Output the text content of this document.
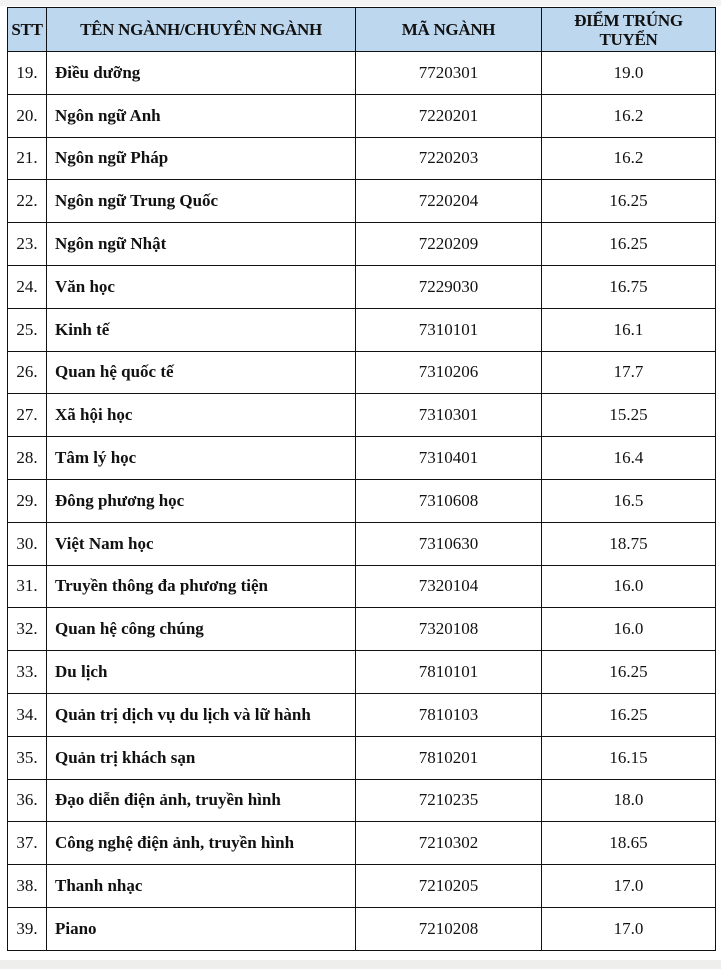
STT	TÊN NGÀNH/CHUYÊN NGÀNH	MÃ NGÀNH	ĐIỂM TRÚNG
TUYỂN
19.	Điều dưỡng	7720301	19.0
20.	Ngôn ngữ Anh	7220201	16.2
21.	Ngôn ngữ Pháp	7220203	16.2
22.	Ngôn ngữ Trung Quốc	7220204	16.25
23.	Ngôn ngữ Nhật	7220209	16.25
24.	Văn học	7229030	16.75
25.	Kinh tế	7310101	16.1
26.	Quan hệ quốc tế	7310206	17.7
27.	Xã hội học	7310301	15.25
28.	Tâm lý học	7310401	16.4
29.	Đông phương học	7310608	16.5
30.	Việt Nam học	7310630	18.75
31.	Truyền thông đa phương tiện	7320104	16.0
32.	Quan hệ công chúng	7320108	16.0
33.	Du lịch	7810101	16.25
34.	Quản trị dịch vụ du lịch và lữ hành	7810103	16.25
35.	Quản trị khách sạn	7810201	16.15
36.	Đạo diễn điện ảnh, truyền hình	7210235	18.0
37.	Công nghệ điện ảnh, truyền hình	7210302	18.65
38.	Thanh nhạc	7210205	17.0
39.	Piano	7210208	17.0
